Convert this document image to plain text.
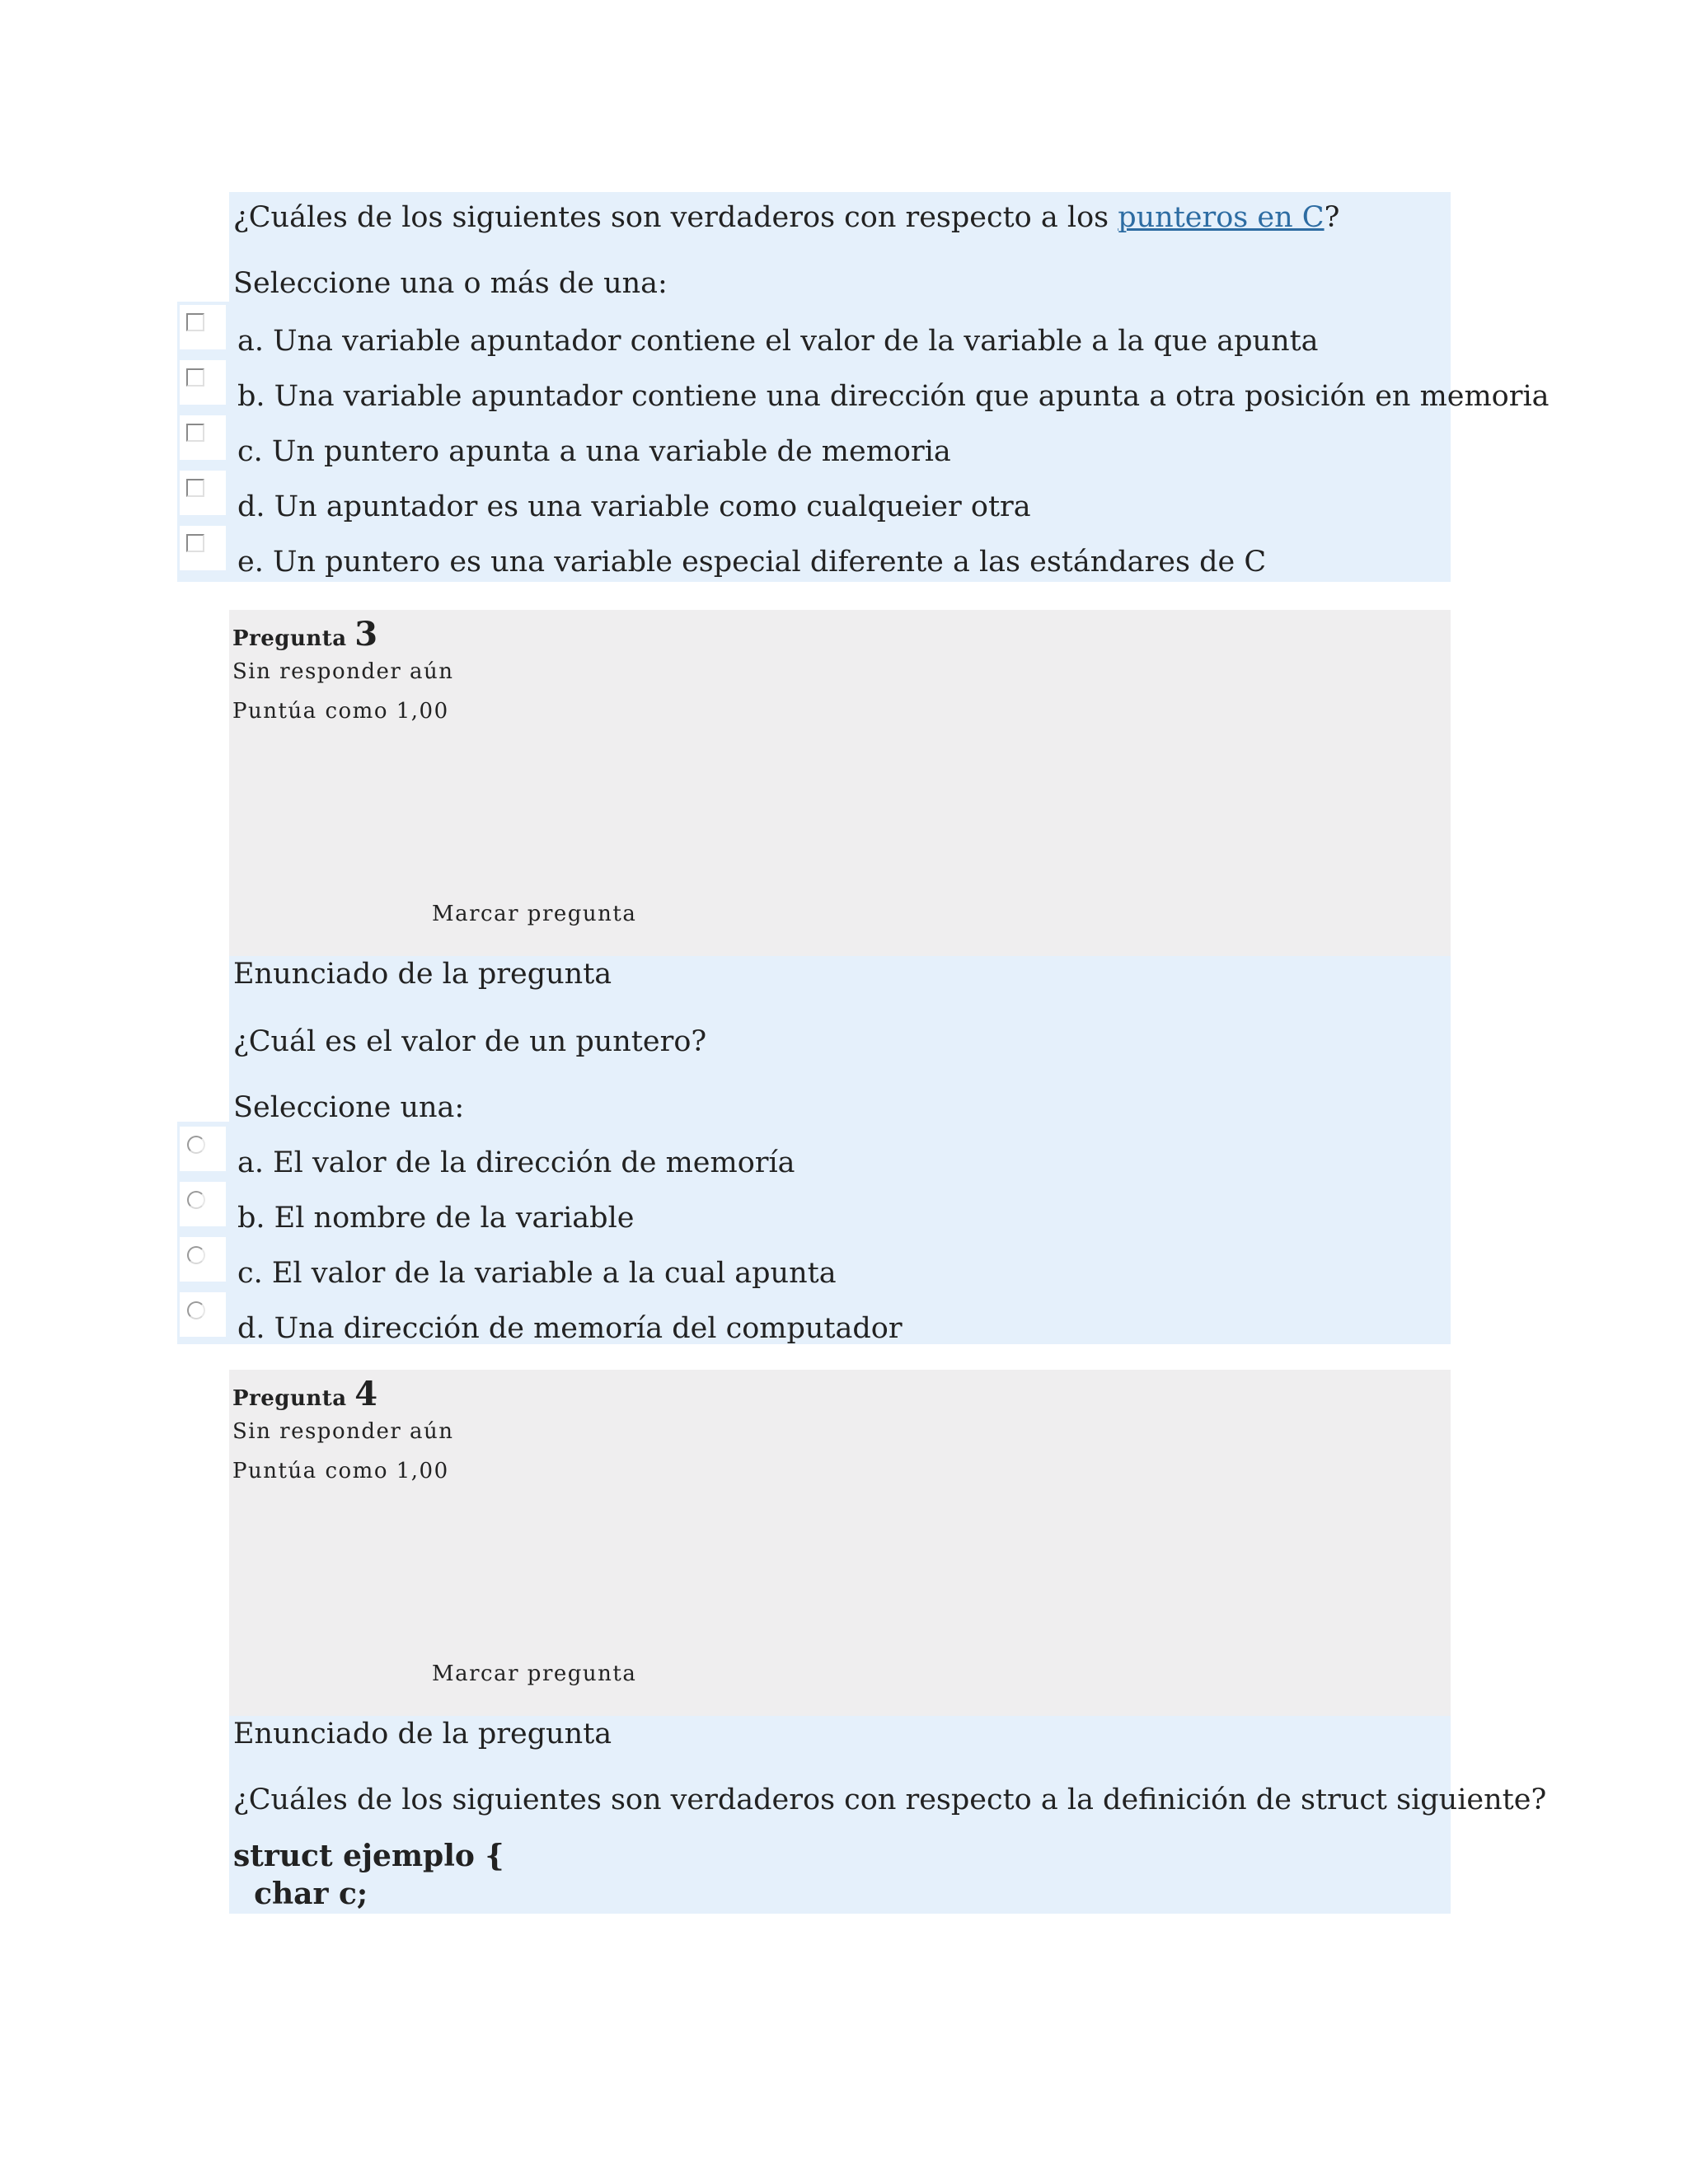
¿Cuáles de los siguientes son verdaderos con respecto a los punteros en C?
Seleccione una o más de una:
a. Una variable apuntador contiene el valor de la variable a la que apunta
b. Una variable apuntador contiene una dirección que apunta a otra posición en memoria
c. Un puntero apunta a una variable de memoria
d. Un apuntador es una variable como cualqueier otra
e. Un puntero es una variable especial diferente a las estándares de C
Pregunta 3
Sin responder aún
Puntúa como 1,00
Marcar pregunta
Enunciado de la pregunta
¿Cuál es el valor de un puntero?
Seleccione una:
a. El valor de la dirección de memoría
b. El nombre de la variable
c. El valor de la variable a la cual apunta
d. Una dirección de memoría del computador
Pregunta 4
Sin responder aún
Puntúa como 1,00
Marcar pregunta
Enunciado de la pregunta
¿Cuáles de los siguientes son verdaderos con respecto a la definición de struct siguiente?
struct ejemplo {
char c;
